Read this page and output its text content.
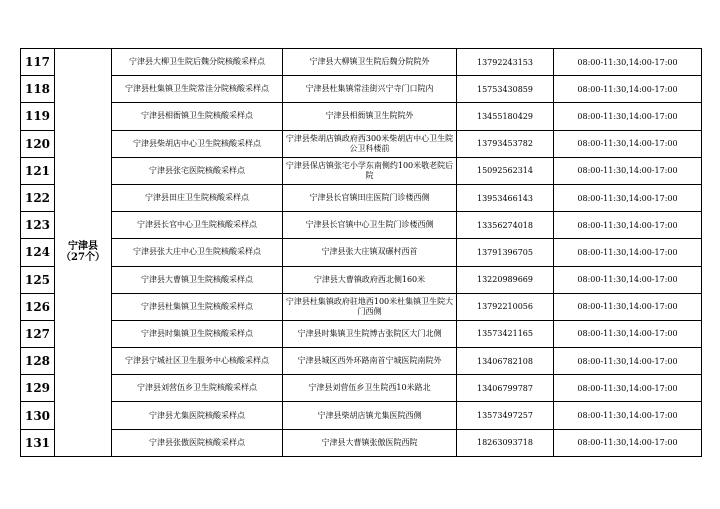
117	宁津县（27个）	宁津县大柳卫生院后魏分院核酸采样点	宁津县大柳镇卫生院后魏分院院外	13792243153	08:00-11:30,14:00-17:00
118		宁津县杜集镇卫生院常洼分院核酸采样点	宁津县杜集镇常洼街兴宁寺门口院内	15753430859	08:00-11:30,14:00-17:00
119		宁津县相衙镇卫生院核酸采样点	宁津县相衙镇卫生院院外	13455180429	08:00-11:30,14:00-17:00
120		宁津县柴胡店中心卫生院核酸采样点	宁津县柴胡店镇政府西300米柴胡店中心卫生院公卫科楼前	13793453782	08:00-11:30,14:00-17:00
121		宁津县张宅医院核酸采样点	宁津县保店镇张宅小学东南侧约100米敬老院后院	15092562314	08:00-11:30,14:00-17:00
122		宁津县田庄卫生院核酸采样点	宁津县长官镇田庄医院门诊楼西侧	13953466143	08:00-11:30,14:00-17:00
123		宁津县长官中心卫生院核酸采样点	宁津县长官镇中心卫生院门诊楼西侧	13356274018	08:00-11:30,14:00-17:00
124		宁津县张大庄中心卫生院核酸采样点	宁津县张大庄镇双碾村西首	13791396705	08:00-11:30,14:00-17:00
125		宁津县大曹镇卫生院核酸采样点	宁津县大曹镇政府西北侧160米	13220989669	08:00-11:30,14:00-17:00
126		宁津县杜集镇卫生院核酸采样点	宁津县杜集镇政府驻地西100米杜集镇卫生院大门西侧	13792210056	08:00-11:30,14:00-17:00
127		宁津县时集镇卫生院核酸采样点	宁津县时集镇卫生院博古张院区大门北侧	13573421165	08:00-11:30,14:00-17:00
128		宁津县宁城社区卫生服务中心核酸采样点	宁津县城区西外环路南首宁城医院南院外	13406782108	08:00-11:30,14:00-17:00
129		宁津县刘营伍乡卫生院核酸采样点	宁津县刘营伍乡卫生院西10米路北	13406799787	08:00-11:30,14:00-17:00
130		宁津县尤集医院核酸采样点	宁津县柴胡店镇尤集医院西侧	13573497257	08:00-11:30,14:00-17:00
131		宁津县张傲医院核酸采样点	宁津县大曹镇张傲医院西院	18263093718	08:00-11:30,14:00-17:00
